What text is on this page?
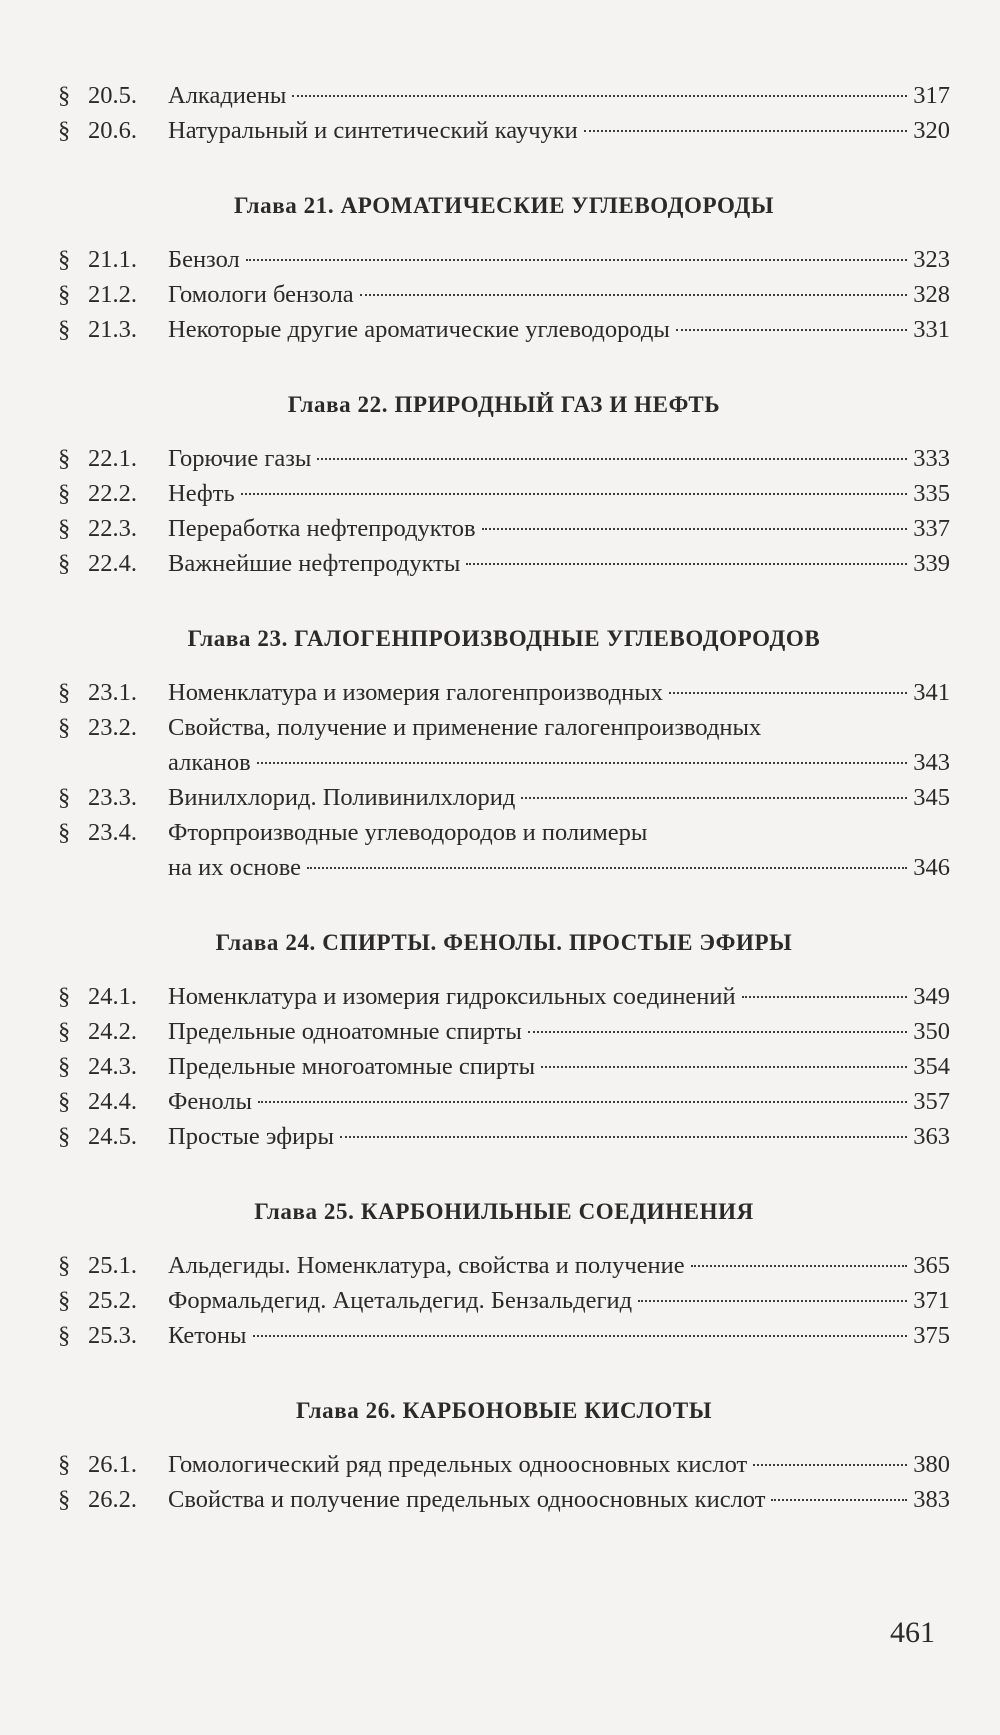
§ 20.5.	Алкадиены	317
§ 20.6.	Натуральный и синтетический каучуки	320
Глава 21. АРОМАТИЧЕСКИЕ УГЛЕВОДОРОДЫ
§ 21.1.	Бензол	323
§ 21.2.	Гомологи бензола	328
§ 21.3.	Некоторые другие ароматические углеводороды	331
Глава 22. ПРИРОДНЫЙ ГАЗ И НЕФТЬ
§ 22.1.	Горючие газы	333
§ 22.2.	Нефть	335
§ 22.3.	Переработка нефтепродуктов	337
§ 22.4.	Важнейшие нефтепродукты	339
Глава 23. ГАЛОГЕНПРОИЗВОДНЫЕ УГЛЕВОДОРОДОВ
§ 23.1.	Номенклатура и изомерия галогенпроизводных	341
§ 23.2.	Свойства, получение и применение галогенпроизводных
алканов	343
§ 23.3.	Винилхлорид. Поливинилхлорид	345
§ 23.4.	Фторпроизводные углеводородов и полимеры
на их основе	346
Глава 24. СПИРТЫ. ФЕНОЛЫ. ПРОСТЫЕ ЭФИРЫ
§ 24.1.	Номенклатура и изомерия гидроксильных соединений	349
§ 24.2.	Предельные одноатомные спирты	350
§ 24.3.	Предельные многоатомные спирты	354
§ 24.4.	Фенолы	357
§ 24.5.	Простые эфиры	363
Глава 25. КАРБОНИЛЬНЫЕ СОЕДИНЕНИЯ
§ 25.1.	Альдегиды. Номенклатура, свойства и получение	365
§ 25.2.	Формальдегид. Ацетальдегид. Бензальдегид	371
§ 25.3.	Кетоны	375
Глава 26. КАРБОНОВЫЕ КИСЛОТЫ
§ 26.1.	Гомологический ряд предельных одноосновных кислот	380
§ 26.2.	Свойства и получение предельных одноосновных кислот	383
461
